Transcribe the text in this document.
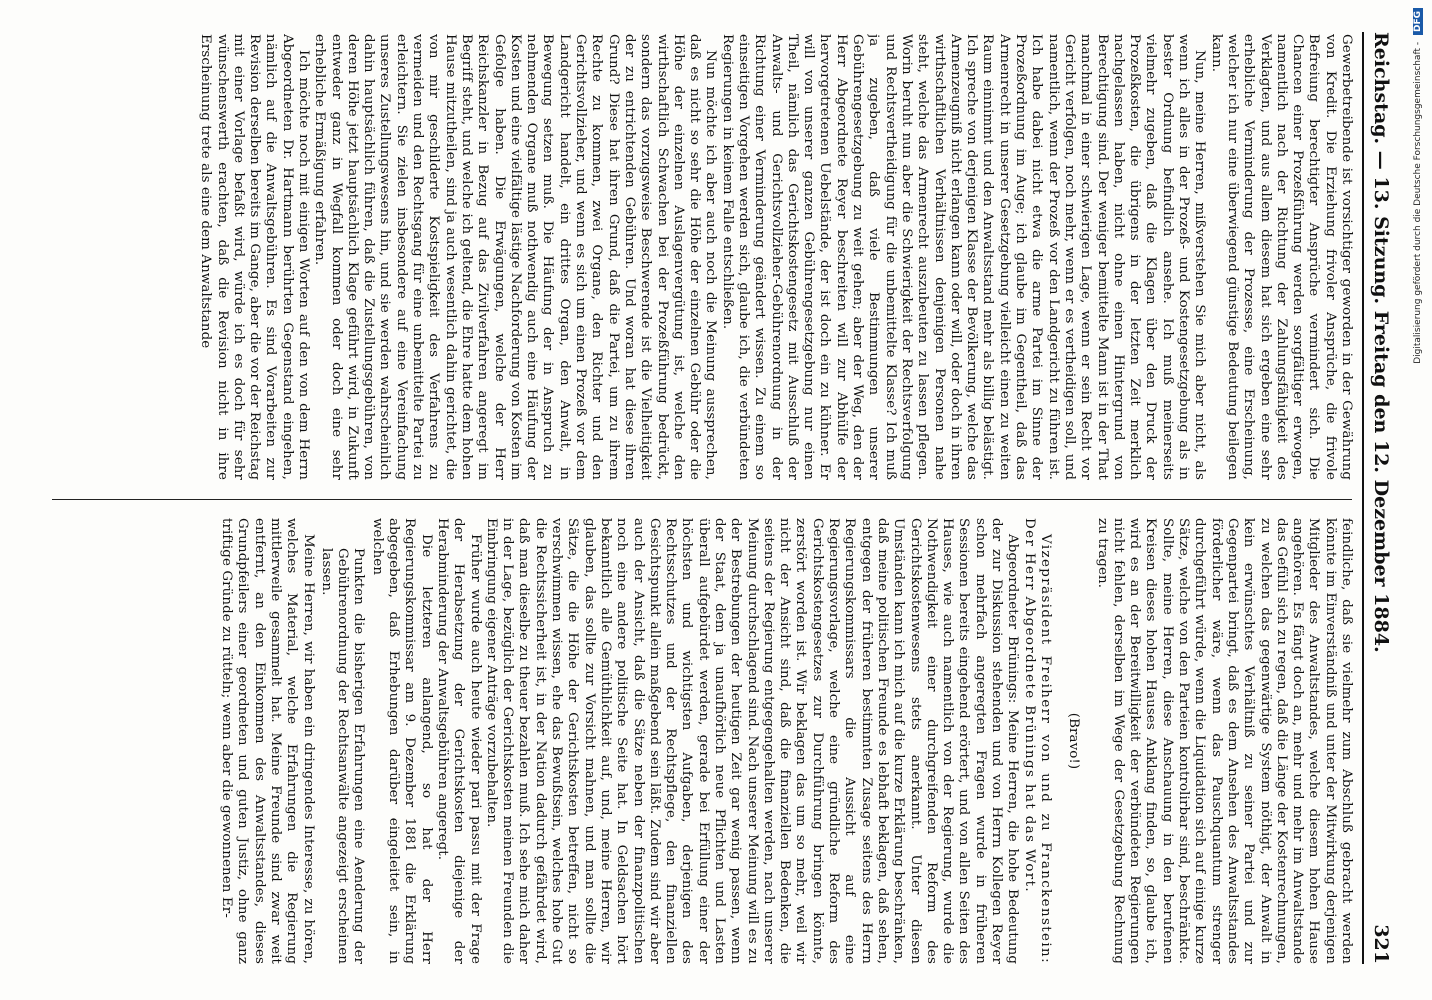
Reichstag. — 13. Sitzung. Freitag den 12. Dezember 1884.
321

Gewerbetreibende ist vorsichtiger geworden in der Gewährung von Kredit. Die Erziehung frivoler Ansprüche, die frivole Befreiung berechtigter Ansprüche vermindert sich. Die Chancen einer Prozeßführung werden sorgfältiger erwogen, namentlich nach der Richtung der Zahlungsfähigkeit des Verklagten, und aus allem diesem hat sich ergeben eine sehr erhebliche Verminderung der Prozesse, eine Erscheinung, welcher ich nur eine überwiegend günstige Bedeutung beilegen kann.

Nun, meine Herren, mißverstehen Sie mich aber nicht, als wenn ich alles in der Prozeß- und Kostengesetzgebung als in bester Ordnung befindlich ansehe. Ich muß meinerseits vielmehr zugeben, daß die Klagen über den Druck der Prozeßkosten, die übrigens in der letzten Zeit merklich nachgelassen haben, nicht ohne einen Hintergrund von Berechtigung sind. Der weniger bemittelte Mann ist in der That manchmal in einer schwierigen Lage, wenn er sein Recht vor Gericht verfolgen, noch mehr, wenn er es vertheidigen soll, und namentlich, wenn der Prozeß vor den Landgericht zu führen ist. Ich habe dabei nicht etwa die arme Partei im Sinne der Prozeßordnung im Auge; ich glaube im Gegentheil, daß das Armenrecht in unserer Gesetzgebung vielleicht einen zu weiten Raum einnimmt und den Anwaltsstand mehr als billig belästigt. Ich spreche von derjenigen Klasse der Bevölkerung, welche das Armenzeugniß nicht erlangen kann oder will, oder doch in ihren wirthschaftlichen Verhältnissen denjenigen Personen nahe steht, welche das Armenrecht auszubeuten zu lassen pflegen. Worin beruht nun aber die Schwierigkeit der Rechtsverfolgung und Rechtsvertheidigung für die unbemittelte Klasse? Ich muß ja zugeben, daß viele Bestimmungen unserer Gebührengesetzgebung zu weit gehen; aber der Weg, den der Herr Abgeordnete Reyer beschreiten will zur Abhülfe der hervorgetretenen Uebelstände, der ist doch ein zu kühner. Er will von unserer ganzen Gebührengesetzgebung nur einen Theil, nämlich das Gerichtskostengesetz mit Ausschluß der Anwalts- und Gerichtsvollzieher-Gebührenordnung in der Richtung einer Verminderung geändert wissen. Zu einem so einseitigen Vorgehen werden sich, glaube ich, die verbündeten Regierungen in keinem Falle entschließen.

Nun möchte ich aber auch noch die Meinung aussprechen, daß es nicht so sehr die Höhe der einzelnen Gebühr oder die Höhe der einzelnen Auslagenvergütung ist, welche den wirthschaftlich Schwachen bei der Prozeßführung bedrückt, sondern das vorzugsweise Beschwerende ist die Vielheitigkeit der zu entrichtenden Gebühren. Und woran hat diese ihren Grund? Diese hat ihren Grund, daß die Partei, um zu ihrem Rechte zu kommen, zwei Organe, den Richter und den Gerichtsvollzieher, und wenn es sich um einen Prozeß vor dem Landgericht handelt, ein drittes Organ, den Anwalt, in Bewegung setzen muß. Die Häufung der in Anspruch zu nehmenden Organe muß nothwendig auch eine Häufung der Kosten und eine vielfältige lästige Nachforderung von Kosten im Gefolge haben. Die Erwägungen, welche der Herr Reichskanzler in Bezug auf das Zivilverfahren angeregt im Begriff steht, und welche ich geltend, die Ehre hatte dem hohen Hause mitzutheilen, sind ja auch wesentlich dahin gerichtet, die von mir geschilderte Kostspieligkeit des Verfahrens zu vermeiden und den Rechtsgang für eine unbemittelte Partei zu erleichtern. Sie zielen insbesondere auf eine Vereinfachung unseres Zustellungswesens hin, und sie werden wahrscheinlich dahin hauptsächlich führen, daß die Zustellungsgebühren, von deren Höhe jetzt hauptsächlich Klage geführt wird, in Zukunft entweder ganz in Wegfall kommen oder doch eine sehr erhebliche Ermäßigung erfahren.

Ich möchte noch mit einigen Worten auf den von dem Herrn Abgeordneten Dr. Hartmann berührten Gegenstand eingehen, nämlich auf die Anwaltsgebühren. Es sind Vorarbeiten zur Revision derselben bereits im Gange, aber die vor der Reichstag mit einer Vorlage befaßt wird, würde ich es doch für sehr wünschenswerth erachten, daß die Revision nicht in ihre Erscheinung trete als eine dem Anwaltstande

feindliche, daß sie vielmehr zum Abschluß gebracht werden könnte im Einverständniß und unter der Mitwirkung derjenigen Mitglieder des Anwaltstandes, welche diesem hohen Hause angehören. Es fängt doch an, mehr und mehr im Anwaltstande das Gefühl sich zu regen, daß die Länge der Kostenrechnungen, zu welchen das gegenwärtige System nöthigt, der Anwalt in kein erwünschtes Verhältniß zu seiner Partei und zur Gegenpartei bringt, daß es dem Ansehen des Anwaltsstandes förderlicher wäre, wenn das Pauschquantum strenger durchgeführt würde, wenn die Liquidation sich auf einige kurze Sätze, welche von den Parteien kontrolirbar sind, beschränkte. Sollte, meine Herren, diese Anschauung in den berufenen Kreisen dieses hohen Hauses Anklang finden, so, glaube ich, wird es an der Bereitwilligkeit der verbündeten Regierungen nicht fehlen, derselben im Wege der Gesetzgebung Rechnung zu tragen.

(Bravo!)

Vizepräsident Freiherr von und zu Franckenstein: Der Herr Abgeordnete Brünings hat das Wort.

Abgeordneter Brünings: Meine Herren, die hohe Bedeutung der zur Diskussion stehenden und von Herrn Kollegen Reyer schon mehrfach angeregten Fragen wurde in früheren Sessionen bereits eingehend erörtert, und von allen Seiten des Hauses, wie auch namentlich von der Regierung, wurde die Nothwendigkeit einer durchgreifenden Reform des Gerichtskostenwesens stets anerkannt. Unter diesen Umständen kann ich mich auf die kurze Erklärung beschränken, daß meine politischen Freunde es lebhaft beklagen, daß sehen, entgegen der früheren bestimmten Zusage seitens des Herrn Regierungskommissars die Aussicht auf eine Regierungsvorlage, welche eine gründliche Reform des Gerichtskostengesetzes zur Durchführung bringen könnte, zerstört worden ist. Wir beklagen das um so mehr, weil wir nicht der Ansicht sind, daß die finanziellen Bedenken, die seitens der Regierung entgegengehalten werden, nach unserer Meinung durchschlagend sind. Nach unserer Meinung will es zu der Bestrebungen der heutigen Zeit gar wenig passen, wenn der Staat, dem ja unaufhörlich neue Pflichten und Lasten überall aufgebürdet werden, gerade bei Erfüllung einer der höchsten und wichtigsten Aufgaben, derjenigen des Rechtsschutzes und der Rechtspflege, den finanziellen Gesichtspunkt allein maßgebend sein läßt. Zudem sind wir aber auch der Ansicht, daß die Sätze neben der finanzpolitischen noch eine andere politische Seite hat. In Geldsachen hört bekanntlich alle Gemüthlichkeit auf, und, meine Herren, wir glauben, das sollte zur Vorsicht mahnen, und man sollte die Sätze, die die Höhe der Gerichtskosten betreffen, nicht so verschwimmen wissen, ehe das Bewußtsein, welches hohe Gut die Rechtssicherheit ist, in der Nation dadurch gefährdet wird, daß man dieselbe zu theuer bezahlen muß. Ich sehe mich daher in der Lage, bezüglich der Gerichtskosten meinen Freunden die Einbringung eigener Anträge vorzubehalten.

Früher wurde auch heute wieder pari passu mit der Frage der Herabsetzung der Gerichtskosten diejenige der Herabminderung der Anwaltsgebühren angeregt.

Die letzteren anlangend, so hat der Herr Regierungskommissar am 9. Dezember 1881 die Erklärung abgegeben, daß Erhebungen darüber eingeleitet sein, in welchen

Punkten die bisherigen Erfahrungen eine Aenderung der Gebührenordnung der Rechtsanwälte angezeigt erscheinen lassen.

Meine Herren, wir haben ein dringendes Interesse, zu hören, welches Material, welche Erfahrungen die Regierung mittlerweile gesammelt hat. Meine Freunde sind zwar weit entfernt, an den Einkommen des Anwaltsstandes, dieses Grundpfeilers einer geordneten und guten Justiz, ohne ganz triftige Gründe zu rütteln; wenn aber die gewonnenen Er-

Digitalisierung gefördert durch die Deutsche Forschungsgemeinschaft - DFG
